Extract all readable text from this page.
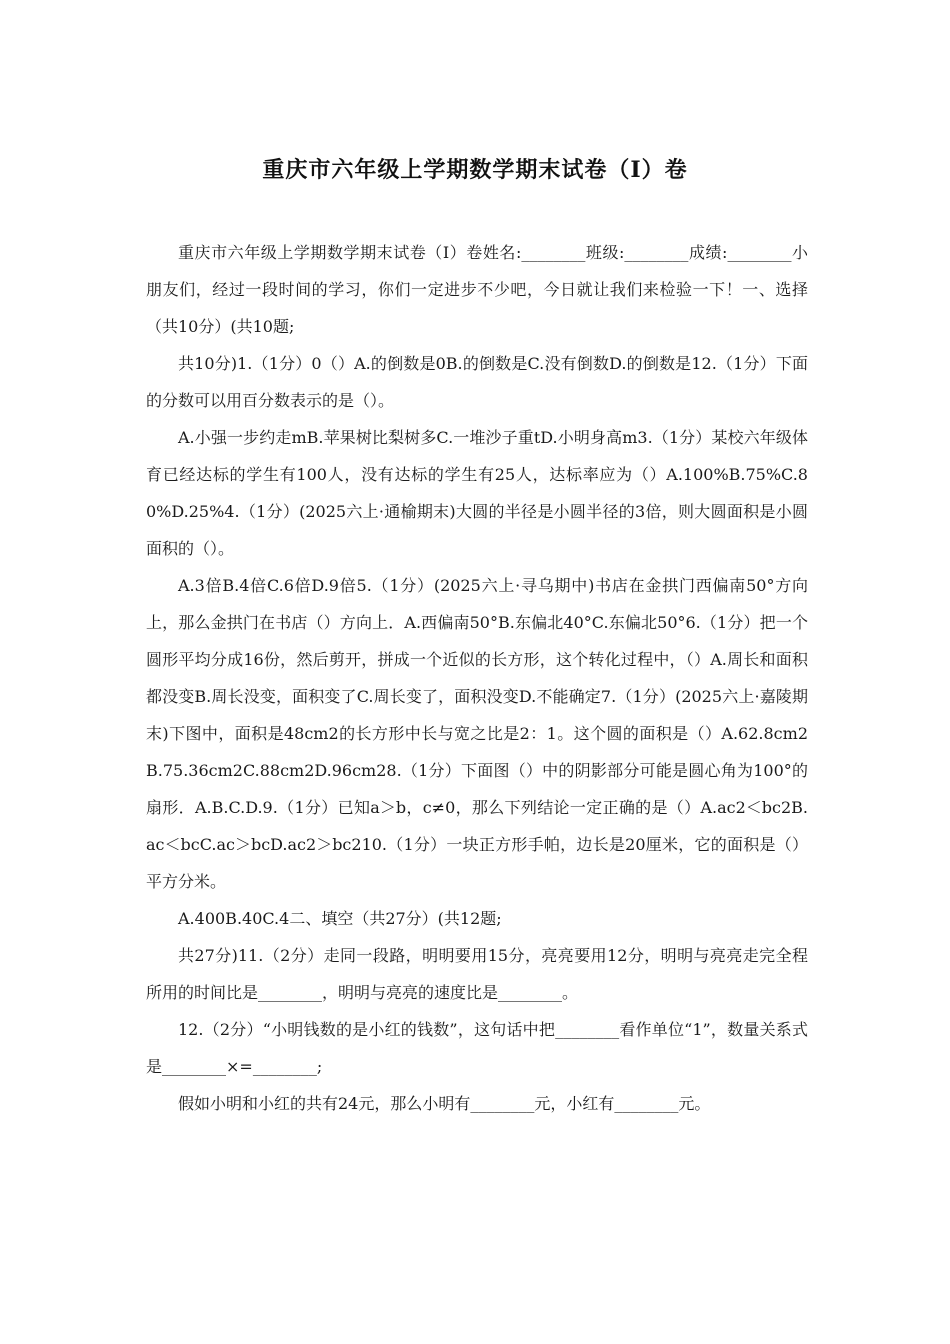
重庆市六年级上学期数学期末试卷（I）卷

重庆市六年级上学期数学期末试卷（I）卷姓名:________班级:________成绩:________小朋友们，经过一段时间的学习，你们一定进步不少吧，今日就让我们来检验一下！一、选择（共10分）(共10题;

共10分)1.（1分）0（）A.的倒数是0B.的倒数是C.没有倒数D.的倒数是12.（1分）下面的分数可以用百分数表示的是（）。

A.小强一步约走mB.苹果树比梨树多C.一堆沙子重tD.小明身高m3.（1分）某校六年级体育已经达标的学生有100人，没有达标的学生有25人，达标率应为（）A.100%B.75%C.80%D.25%4.（1分）(2025六上·通榆期末)大圆的半径是小圆半径的3倍，则大圆面积是小圆面积的（）。

A.3倍B.4倍C.6倍D.9倍5.（1分）(2025六上·寻乌期中)书店在金拱门西偏南50°方向上，那么金拱门在书店（）方向上．A.西偏南50°B.东偏北40°C.东偏北50°6.（1分）把一个圆形平均分成16份，然后剪开，拼成一个近似的长方形，这个转化过程中，（）A.周长和面积都没变B.周长没变，面积变了C.周长变了，面积没变D.不能确定7.（1分）(2025六上·嘉陵期末)下图中，面积是48cm2的长方形中长与宽之比是2：1。这个圆的面积是（）A.62.8cm2B.75.36cm2C.88cm2D.96cm28.（1分）下面图（）中的阴影部分可能是圆心角为100°的扇形．A.B.C.D.9.（1分）已知a＞b，c≠0，那么下列结论一定正确的是（）A.ac2＜bc2B.ac＜bcC.ac＞bcD.ac2＞bc210.（1分）一块正方形手帕，边长是20厘米，它的面积是（）平方分米。

A.400B.40C.4二、填空（共27分）(共12题;

共27分)11.（2分）走同一段路，明明要用15分，亮亮要用12分，明明与亮亮走完全程所用的时间比是________，明明与亮亮的速度比是________。

12.（2分）“小明钱数的是小红的钱数”，这句话中把________看作单位“1”，数量关系式是________×=________;

假如小明和小红的共有24元，那么小明有________元，小红有________元。
